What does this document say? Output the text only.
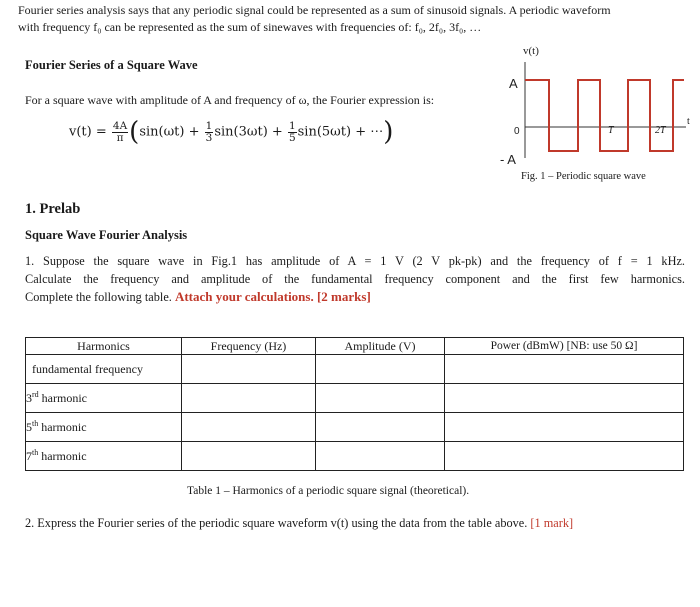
Fourier series analysis says that any periodic signal could be represented as a sum of sinusoid signals. A periodic waveform
with frequency f₀ can be represented as the sum of sinewaves with frequencies of: f₀, 2f₀, 3f₀, …
Fourier Series of a Square Wave
For a square wave with amplitude of A and frequency of ω, the Fourier expression is:
$v(t) = \frac{4A}{\pi} (\sin(\omega t) + \frac{1}{3} \sin(3\omega t) + \frac{1}{5} \sin(5\omega t)$ + ⋯)
v(t)
A
0
- A
T	2T
t
Fig. 1 – Periodic square wave
1. Prelab
Square Wave Fourier Analysis
1. Suppose the square wave in Fig.1 has amplitude of A = 1 V (2 V pk-pk) and the frequency of f = 1 kHz.
Calculate the frequency and amplitude of the fundamental frequency component and the first few harmonics.
Complete the following table. Attach your calculations. [2 marks]
Harmonics	Frequency (Hz)	Amplitude (V)	Power (dBmW) [NB: use 50 Ω]
fundamental frequency			
3rd harmonic			
5th harmonic			
7th harmonic			
Table 1 – Harmonics of a periodic square signal (theoretical).
2. Express the Fourier series of the periodic square waveform v(t) using the data from the table above. [1 mark]
